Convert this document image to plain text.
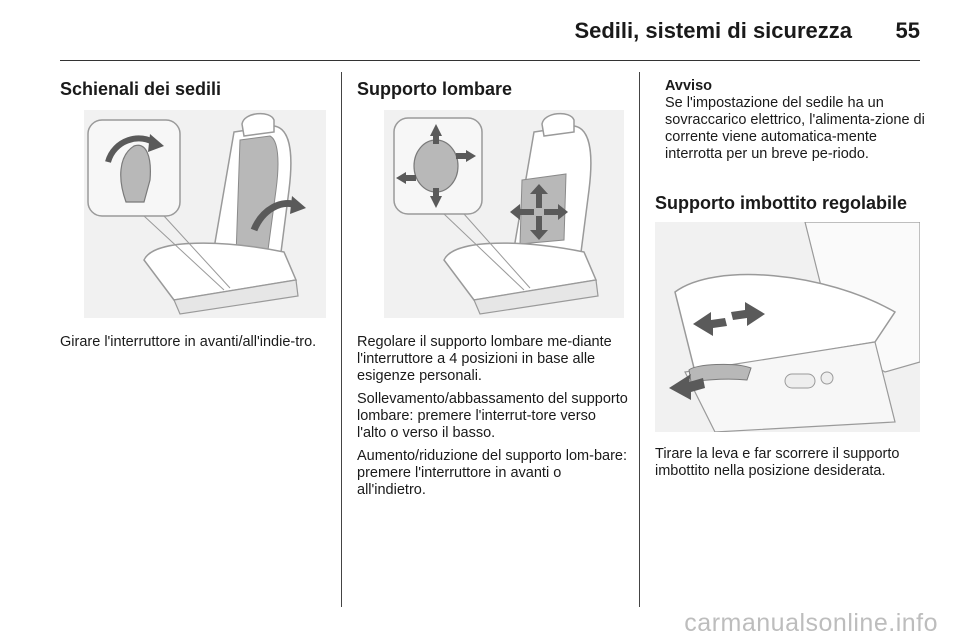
Sedili, sistemi di sicurezza 55
Schienali dei sedili

Girare l'interruttore in avanti/all'indie-tro.

Supporto lombare

Regolare il supporto lombare me-diante l'interruttore a 4 posizioni in base alle esigenze personali.

Sollevamento/abbassamento del supporto lombare: premere l'interrut-tore verso l'alto o verso il basso.

Aumento/riduzione del supporto lom-bare: premere l'interruttore in avanti o all'indietro.

Avviso

Se l'impostazione del sedile ha un sovraccarico elettrico, l'alimenta-zione di corrente viene automatica-mente interrotta per un breve pe-riodo.

Supporto imbottito regolabile

Tirare la leva e far scorrere il supporto imbottito nella posizione desiderata.

carmanualsonline.info
